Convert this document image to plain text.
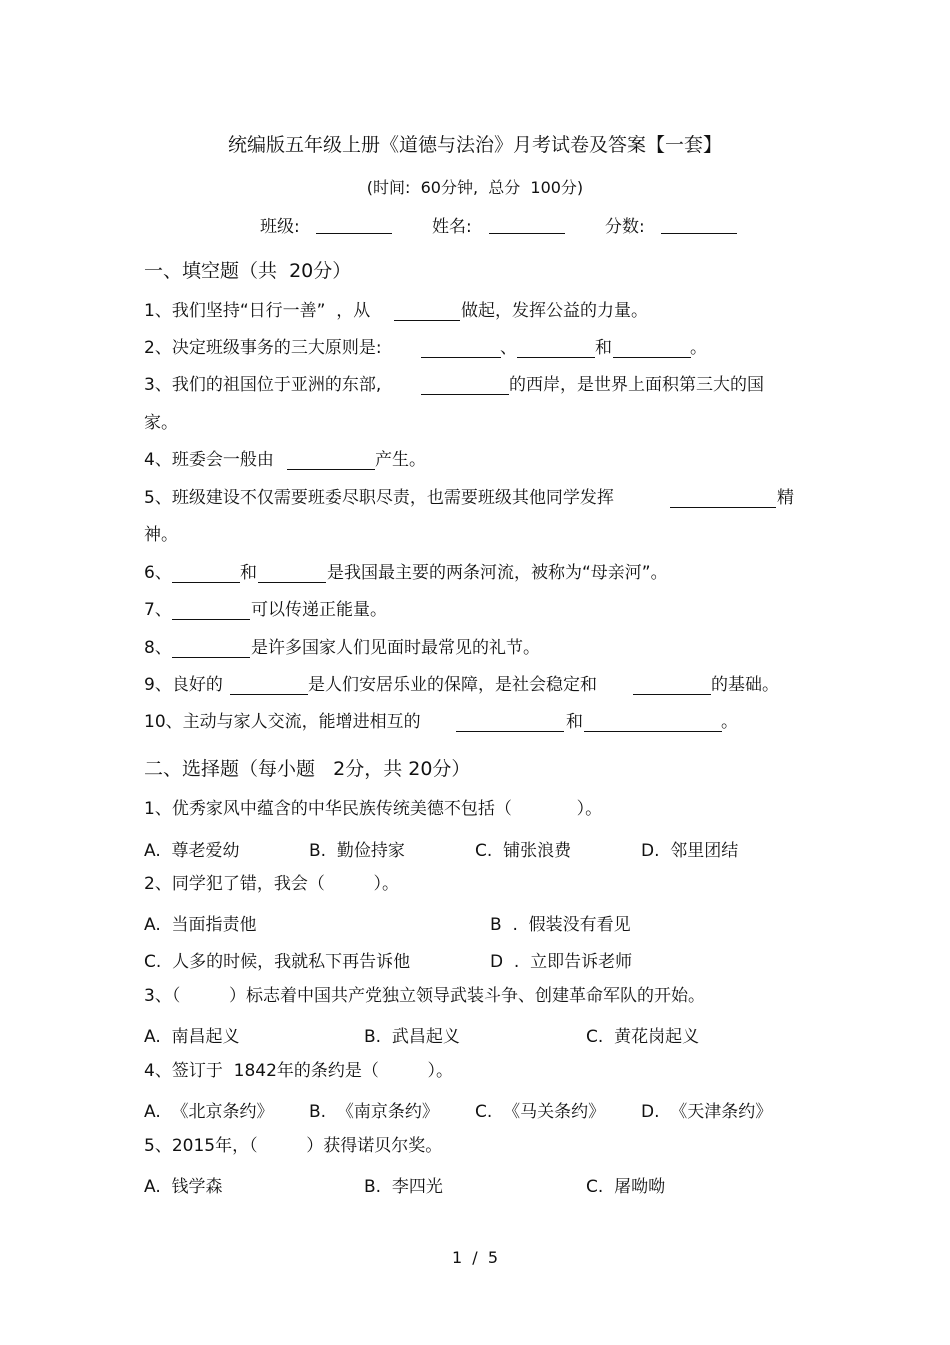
统编版五年级上册《道德与法治》月考试卷及答案【一套】
(时间:  60分钟,  总分  100分)
班级:	姓名:	分数:
一、填空题（共  20分）
1、我们坚持“日行一善”  ，从	做起，发挥公益的力量。
2、决定班级事务的三大原则是:	、	和	。
3、我们的祖国位于亚洲的东部,	的西岸，是世界上面积第三大的国
家。
4、班委会一般由	产生。
5、班级建设不仅需要班委尽职尽责，也需要班级其他同学发挥	精
神。
6、	和	是我国最主要的两条河流，被称为“母亲河”。
7、	可以传递正能量。
8、	是许多国家人们见面时最常见的礼节。
9、良好的	是人们安居乐业的保障，是社会稳定和	的基础。
10、主动与家人交流，能增进相互的	和	。
二、选择题（每小题   2分，共 20分）
1、优秀家风中蕴含的中华民族传统美德不包括（            ）。
A.  尊老爱幼	B.  勤俭持家	C.  铺张浪费	D.  邻里团结
2、同学犯了错，我会（         ）。
A.  当面指责他	B  .  假装没有看见
C.  人多的时候，我就私下再告诉他	D  .  立即告诉老师
3、（         ）标志着中国共产党独立领导武装斗争、创建革命军队的开始。
A.  南昌起义	B.  武昌起义	C.  黄花岗起义
4、签订于  1842年的条约是（         ）。
A.  《北京条约》 B.  《南京条约》 C.  《马关条约》 D.  《天津条约》
5、2015年，（         ）获得诺贝尔奖。
A.  钱学森	B.  李四光	C.  屠呦呦
1  /  5
